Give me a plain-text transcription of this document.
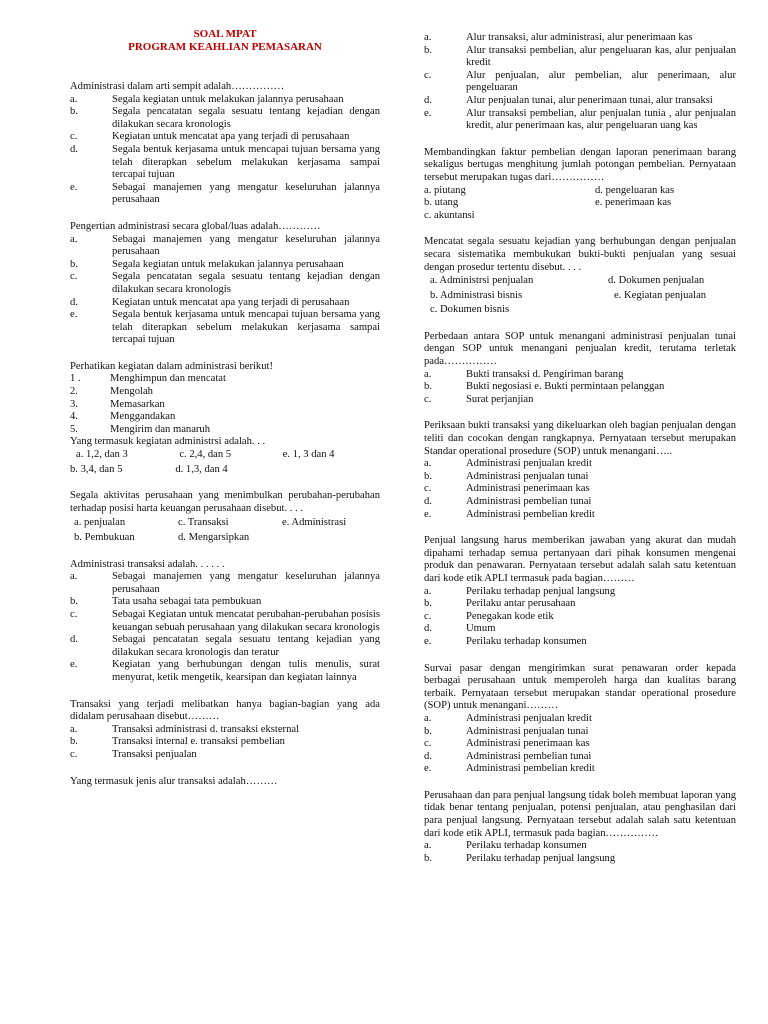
SOAL MPAT
PROGRAM KEAHLIAN PEMASARAN
Administrasi dalam arti sempit adalah……………
a.	Segala kegiatan untuk melakukan jalannya perusahaan
b.	Segala pencatatan segala sesuatu tentang kejadian dengan dilakukan secara kronologis
c.	Kegiatan untuk mencatat apa yang terjadi di perusahaan
d.	Segala bentuk kerjasama untuk mencapai tujuan bersama yang telah diterapkan sebelum melakukan kerjasama sampai tercapai tujuan
e.	Sebagai manajemen yang mengatur keseluruhan jalannya perusahaan
Pengertian administrasi secara global/luas adalah…………
a.	Sebagai manajemen yang mengatur keseluruhan jalannya perusahaan
b.	Segala kegiatan untuk melakukan jalannya perusahaan
c.	Segala pencatatan segala sesuatu tentang kejadian dengan dilakukan secara kronologis
d.	Kegiatan untuk mencatat apa yang terjadi di perusahaan
e.	Segala bentuk kerjasama untuk mencapai tujuan bersama yang telah diterapkan sebelum melakukan kerjasama sampai tercapai tujuan
Perhatikan kegiatan dalam administrasi berikut!
1 .	Menghimpun dan mencatat
2.	Mengolah
3.	Memasarkan
4.	Menggandakan
5.	Mengirim dan manaruh
Yang termasuk kegiatan administrsi adalah. . .
a. 1,2, dan 3	c. 2,4, dan 5	e. 1, 3 dan 4
b. 3,4, dan 5	d. 1,3, dan 4
Segala aktivitas perusahaan yang menimbulkan perubahan-perubahan terhadap posisi harta keuangan perusahaan disebut. . . .
a. penjualan	c. Transaksi	e. Administrasi
b. Pembukuan	d. Mengarsipkan
Administrasi transaksi adalah. . . . . .
a.	Sebagai manajemen yang mengatur keseluruhan jalannya perusahaan
b.	Tata usaha sebagai tata pembukuan
c.	Sebagai Kegiatan untuk mencatat perubahan-perubahan posisis keuangan sebuah perusahaan yang dilakukan secara kronologis
d.	Sebagai pencatatan segala sesuatu tentang kejadian yang dilakukan secara kronologis dan teratur
e.	Kegiatan yang berhubungan dengan tulis menulis, surat menyurat, ketik mengetik, kearsipan dan kegiatan lainnya
Transaksi yang terjadi melibatkan hanya bagian-bagian yang ada didalam perusahaan disebut………
a.	Transaksi administrasi d. transaksi eksternal
b.	Transaksi internal e. transaksi pembelian
c.	Transaksi penjualan
Yang termasuk jenis alur transaksi adalah………
a.	Alur transaksi, alur administrasi, alur penerimaan kas
b.	Alur transaksi pembelian, alur pengeluaran kas, alur penjualan kredit
c.	Alur penjualan, alur pembelian, alur penerimaan, alur pengeluaran
d.	Alur penjualan tunai, alur penerimaan tunai, alur transaksi
e.	Alur transaksi pembelian, alur penjualan tunia , alur penjualan kredit, alur penerimaan kas, alur pengeluaran uang kas
Membandingkan faktur pembelian dengan laporan penerimaan barang sekaligus bertugas menghitung jumlah potongan pembelian. Pernyataan tersebut merupakan tugas dari……………
a. piutang	d. pengeluaran kas
b. utang	e. penerimaan kas
c. akuntansi
Mencatat segala sesuatu kejadian yang berhubungan dengan penjualan secara sistematika membukukan bukti-bukti penjualan yang sesuai dengan prosedur tertentu disebut. . . .
a. Administrsi penjualan	d. Dokumen penjualan
b. Administrasi bisnis	e. Kegiatan penjualan
c. Dokumen bisnis
Perbedaan antara SOP untuk menangani administrasi penjualan tunai dengan SOP untuk menangani penjualan kredit, terutama terletak pada……………
a.	Bukti transaksi d. Pengiriman barang
b.	Bukti negosiasi e. Bukti permintaan pelanggan
c.	Surat perjanjian
Periksaan bukti transaksi yang dikeluarkan oleh bagian penjualan dengan teliti dan cocokan dengan rangkapnya. Pernyataan tersebut merupakan Standar operational prosedure (SOP) untuk menangani…..
a.	Administrasi penjualan kredit
b.	Administrasi penjualan tunai
c.	Administrasi penerimaan kas
d.	Administrasi pembelian tunai
e.	Administrasi pembelian kredit
Penjual langsung harus memberikan jawaban yang akurat dan mudah dipahami terhadap semua pertanyaan dari pihak konsumen mengenai produk dan penawaran. Pernyataan tersebut adalah salah satu ketentuan dari kode etik APLI termasuk pada bagian………
a.	Perilaku terhadap penjual langsung
b.	Perilaku antar perusahaan
c.	Penegakan kode etik
d.	Umum
e.	Perilaku terhadap konsumen
Survai pasar dengan mengirimkan surat penawaran order kepada berbagai perusahaan untuk memperoleh harga dan kualitas barang terbaik. Pernyataan tersebut merupakan standar operational prosedure (SOP) untuk menangani………
a.	Administrasi penjualan kredit
b.	Administrasi penjualan tunai
c.	Administrasi penerimaan kas
d.	Administrasi pembelian tunai
e.	Administrasi pembelian kredit
Perusahaan dan para penjual langsung tidak boleh membuat laporan yang tidak benar tentang penjualan, potensi penjualan, atau penghasilan dari para penjual langsung. Pernyataan tersebut adalah salah satu ketentuan dari kode etik APLI, termasuk pada bagian……………
a.	Perilaku terhadap konsumen
b.	Perilaku terhadap penjual langsung
